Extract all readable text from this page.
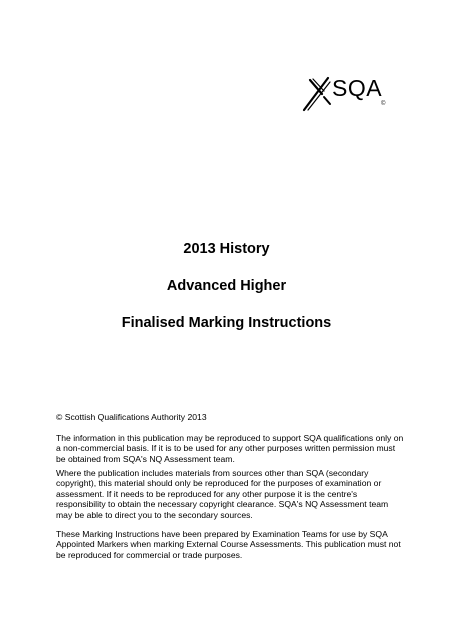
SQA
©
2013 History
Advanced Higher
Finalised Marking Instructions
© Scottish Qualifications Authority 2013

The information in this publication may be reproduced to support SQA qualifications only on a non-commercial basis. If it is to be used for any other purposes written permission must be obtained from SQA's NQ Assessment team.

Where the publication includes materials from sources other than SQA (secondary copyright), this material should only be reproduced for the purposes of examination or assessment. If it needs to be reproduced for any other purpose it is the centre's responsibility to obtain the necessary copyright clearance. SQA's NQ Assessment team may be able to direct you to the secondary sources.

These Marking Instructions have been prepared by Examination Teams for use by SQA Appointed Markers when marking External Course Assessments. This publication must not be reproduced for commercial or trade purposes.
